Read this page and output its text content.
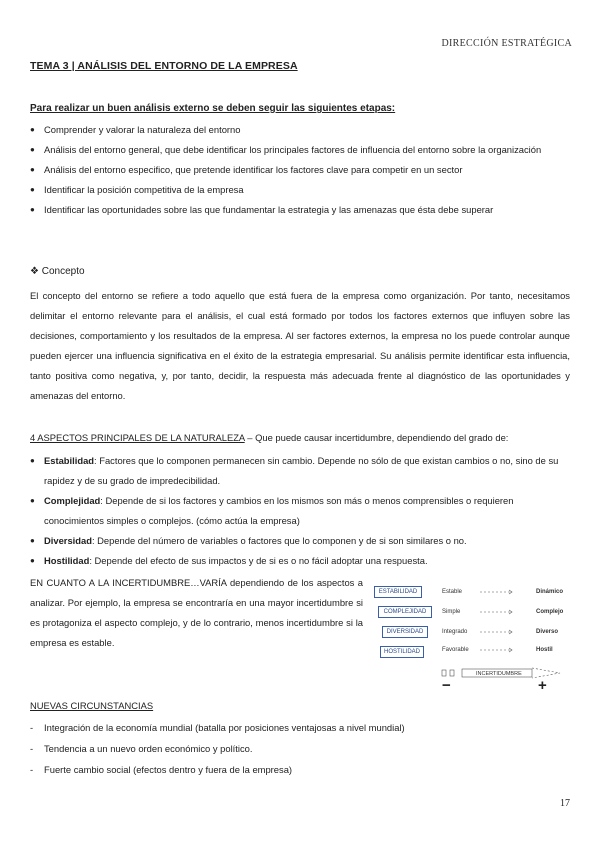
DIRECCIÓN ESTRATÉGICA
TEMA 3 | ANÁLISIS DEL ENTORNO DE LA EMPRESA
Para realizar un buen análisis externo se deben seguir las siguientes etapas:
● Comprender y valorar la naturaleza del entorno
● Análisis del entorno general, que debe identificar los principales factores de influencia del entorno sobre la organización
● Análisis del entorno especifico, que pretende identificar los factores clave para competir en un sector
● Identificar la posición competitiva de la empresa
● Identificar las oportunidades sobre las que fundamentar la estrategia y las amenazas que ésta debe superar
❖ Concepto
El concepto del entorno se refiere a todo aquello que está fuera de la empresa como organización. Por tanto, necesitamos delimitar el entorno relevante para el análisis, el cual está formado por todos los factores externos que influyen sobre las decisiones, comportamiento y los resultados de la empresa. Al ser factores externos, la empresa no los puede controlar aunque pueden ejercer una influencia significativa en el éxito de la estrategia empresarial. Su análisis permite identificar esta influencia, tanto positiva como negativa, y, por tanto, decidir, la respuesta más adecuada frente al diagnóstico de las oportunidades y amenazas del entorno.
4 ASPECTOS PRINCIPALES DE LA NATURALEZA – Que puede causar incertidumbre, dependiendo del grado de:
● Estabilidad: Factores que lo componen permanecen sin cambio. Depende no sólo de que existan cambios o no, sino de su rapidez y de su grado de impredecibilidad.
● Complejidad: Depende de si los factores y cambios en los mismos son más o menos comprensibles o requieren conocimientos simples o complejos. (cómo actúa la empresa)
● Diversidad: Depende del número de variables o factores que lo componen y de si son similares o no.
● Hostilidad: Depende del efecto de sus impactos y de si es o no fácil adoptar una respuesta.
EN CUANTO A LA INCERTIDUMBRE…VARÍA dependiendo de los aspectos a analizar. Por ejemplo, la empresa se encontraría en una mayor incertidumbre si es protagoniza el aspecto complejo, y de lo contrario, menos incertidumbre si la empresa es estable.
ESTABILIDAD
COMPLEJIDAD
DIVERSIDAD
HOSTILIDAD
Estable
Simple
Integrado
Favorable
Dinámico
Complejo
Diverso
Hostil
INCERTIDUMBRE
−	+
NUEVAS CIRCUNSTANCIAS
- Integración de la economía mundial (batalla por posiciones ventajosas a nivel mundial)
- Tendencia a un nuevo orden económico y político.
- Fuerte cambio social (efectos dentro y fuera de la empresa)
17
